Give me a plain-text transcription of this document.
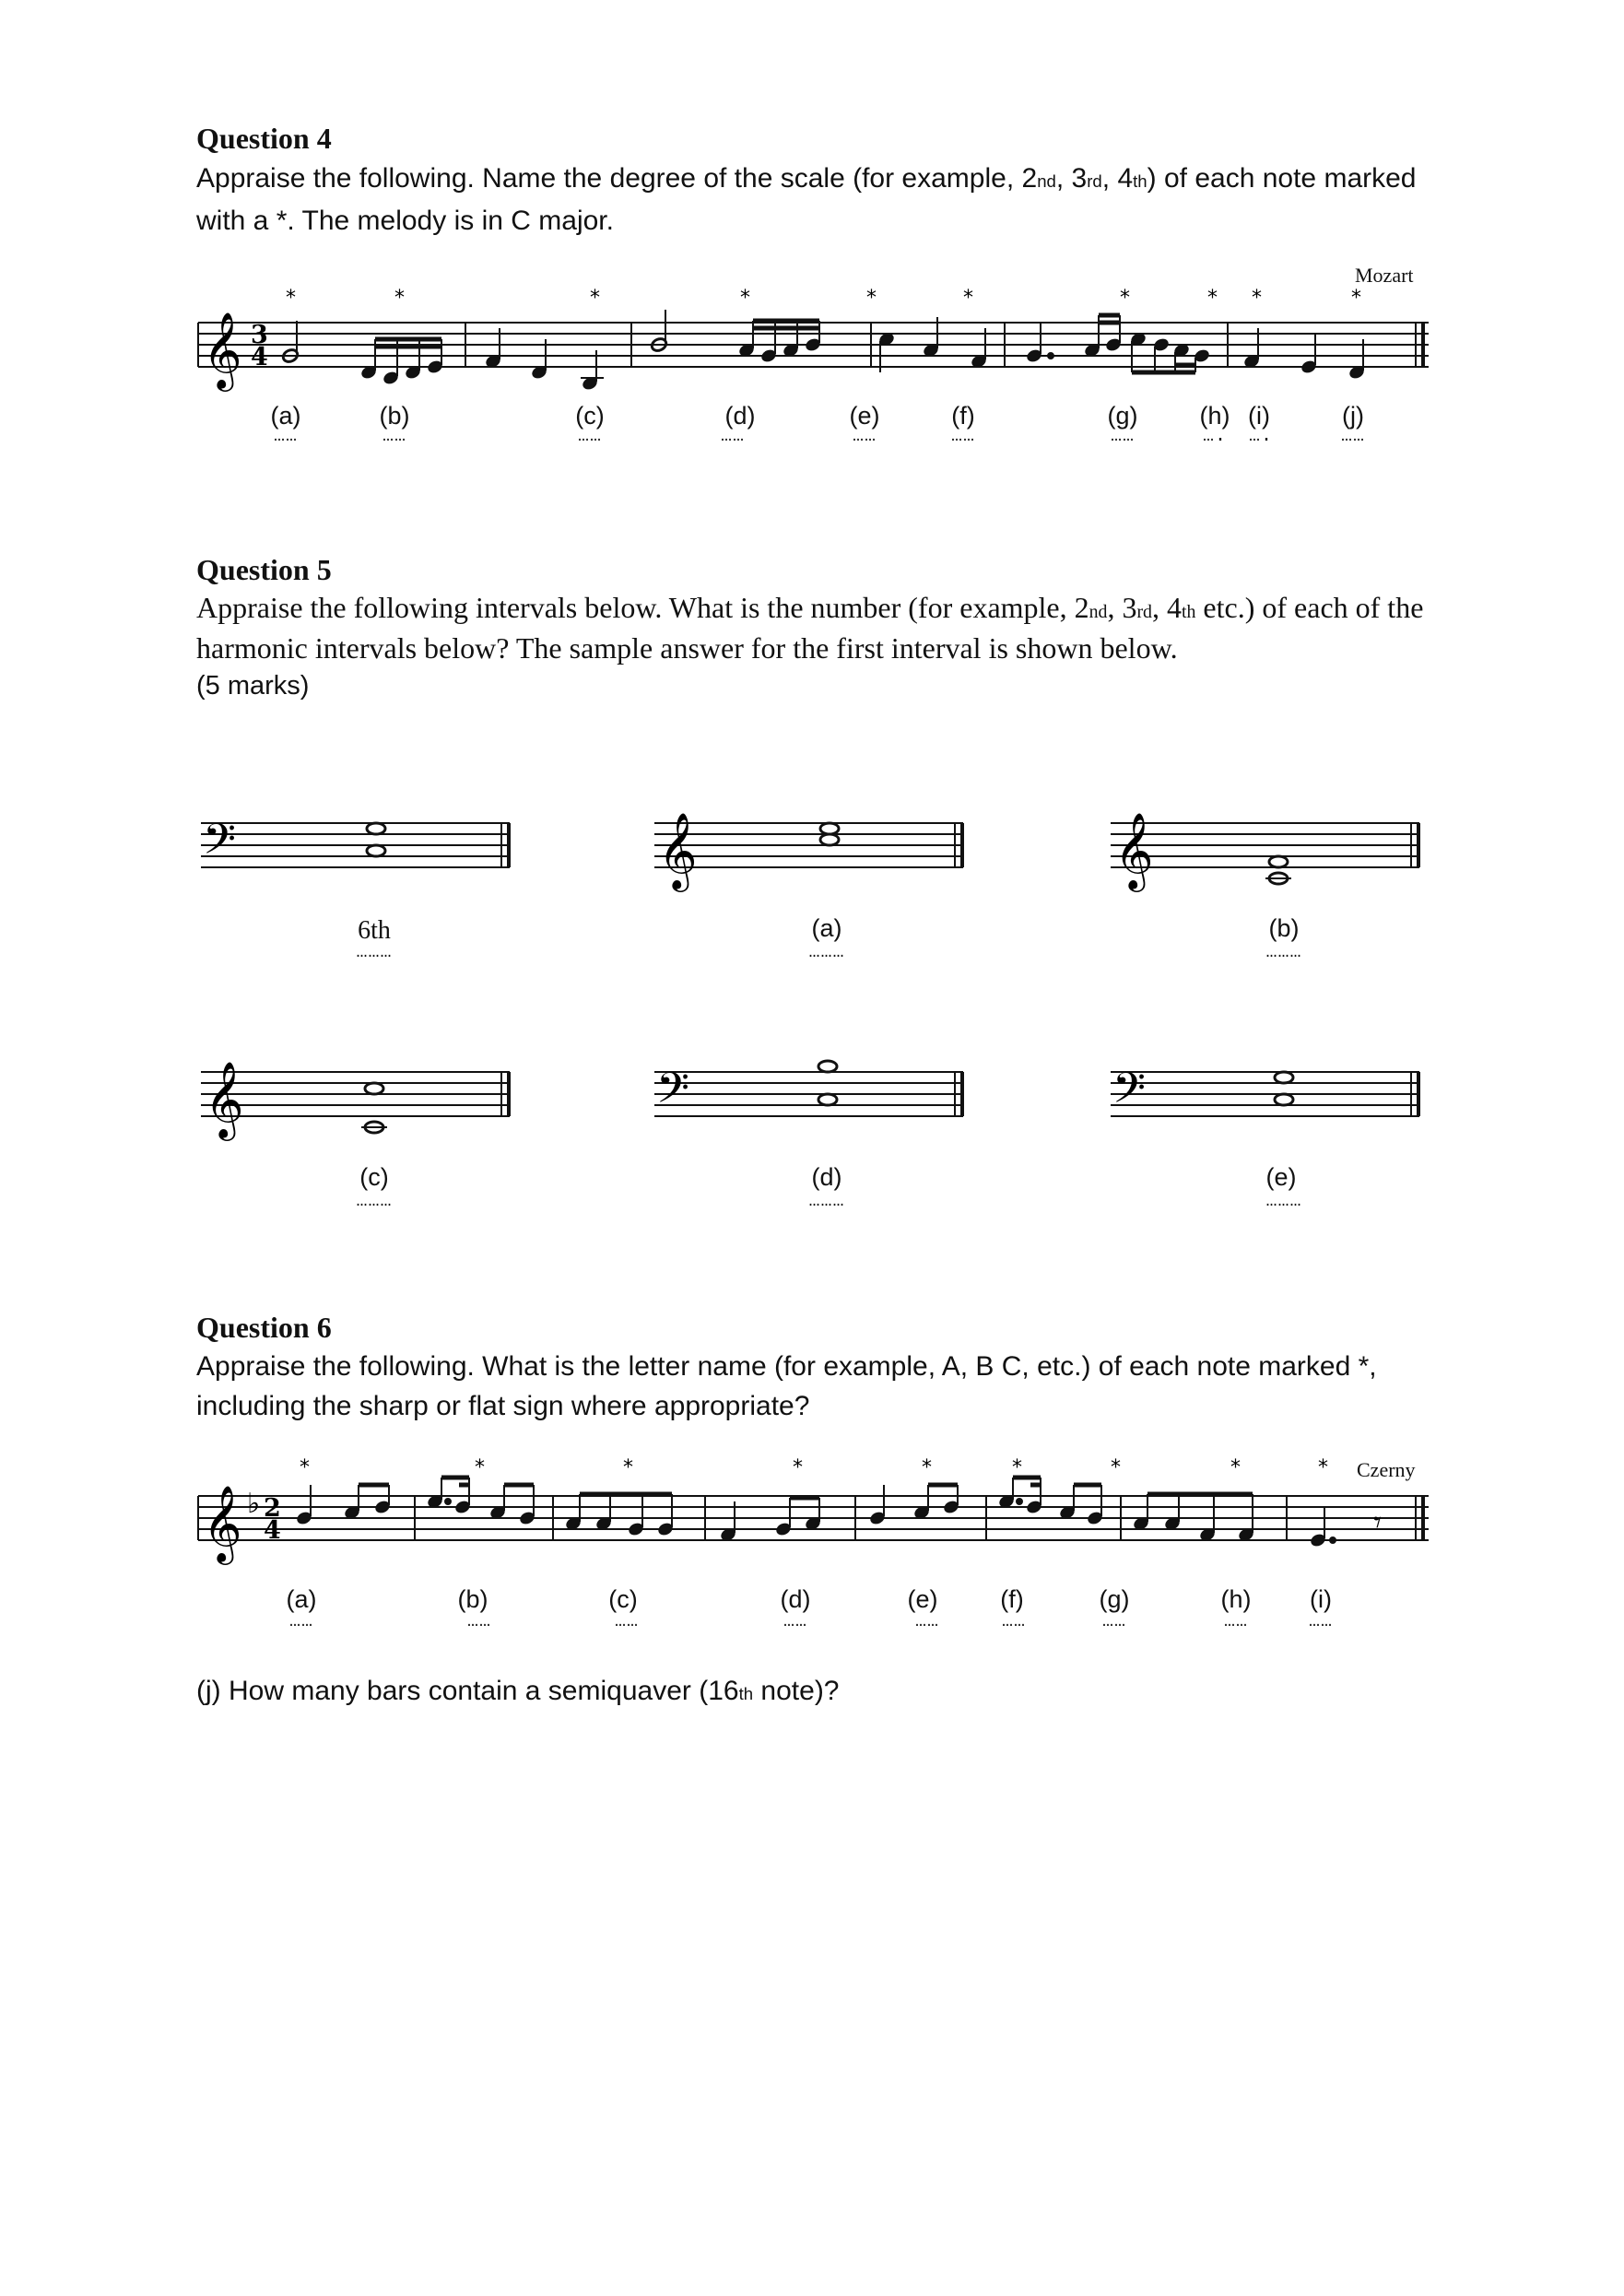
Question 4

Appraise the following. Name the degree of the scale (for example, 2nd, 3rd, 4th) of each note marked with a *. The melody is in C major.

Mozart
𝄞 3
4
*	*	*	*	*	*	*	* *	*
(a)	(b)	(c)	(d)	(e)	(f)	(g) (h) (i)	(j)
……	……	……	……	……	……	……	…. ….	……
Question 5

Appraise the following intervals below. What is the number (for example, 2nd, 3rd, 4th etc.) of each of the harmonic intervals below? The sample answer for the first interval is shown below.
(5 marks)

𝄢	𝄞	𝄞
6th	(a)	(b)
………	………	………
𝄞	𝄢	𝄢
(c)	(d)	(e)
………	………	………
Question 6

Appraise the following. What is the letter name (for example, A, B C, etc.) of each note marked *, including the sharp or flat sign where appropriate?

Czerny
𝄞 ♭ 2
4	𝄾
*	*	*	*	*	*	*	*	*
(a)	(b)	(c)	(d)	(e)	(f)	(g)	(h) (i)
……	……	……	……	……	……	……	……	……

(j) How many bars contain a semiquaver (16th note)?
